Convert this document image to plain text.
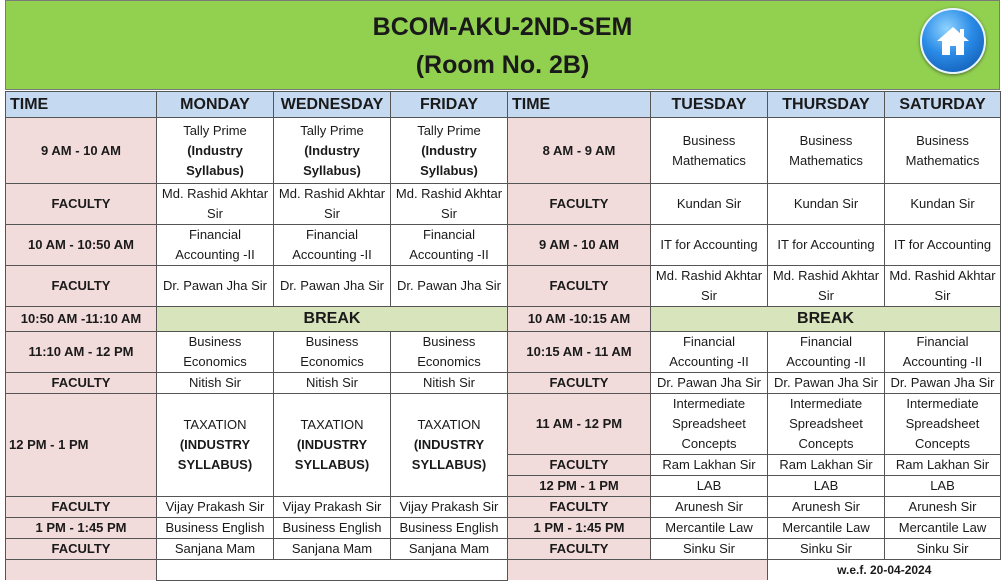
BCOM-AKU-2ND-SEM
(Room No. 2B)
TIME	MONDAY	WEDNESDAY	FRIDAY	TIME	TUESDAY	THURSDAY	SATURDAY
9 AM - 10 AM	Tally Prime
(Industry
Syllabus)	Tally Prime
(Industry
Syllabus)	Tally Prime
(Industry
Syllabus)	8 AM - 9 AM	Business Mathematics	Business Mathematics	Business Mathematics
FACULTY	Md. Rashid Akhtar Sir	Md. Rashid Akhtar Sir	Md. Rashid Akhtar Sir	FACULTY	Kundan Sir	Kundan Sir	Kundan Sir
10 AM - 10:50 AM	Financial Accounting -II	Financial Accounting -II	Financial Accounting -II	9 AM - 10 AM	IT for Accounting	IT for Accounting	IT for Accounting
FACULTY	Dr. Pawan Jha Sir	Dr. Pawan Jha Sir	Dr. Pawan Jha Sir	FACULTY	Md. Rashid Akhtar Sir	Md. Rashid Akhtar Sir	Md. Rashid Akhtar Sir
10:50 AM -11:10 AM	BREAK			10 AM -10:15 AM	BREAK		
11:10 AM - 12 PM	Business Economics	Business Economics	Business Economics	10:15 AM - 11 AM	Financial Accounting -II	Financial Accounting -II	Financial Accounting -II
FACULTY	Nitish Sir	Nitish Sir	Nitish Sir	FACULTY	Dr. Pawan Jha Sir	Dr. Pawan Jha Sir	Dr. Pawan Jha Sir
12 PM - 1 PM	TAXATION
(INDUSTRY
SYLLABUS)	TAXATION
(INDUSTRY
SYLLABUS)	TAXATION
(INDUSTRY
SYLLABUS)	11 AM - 12 PM	Intermediate Spreadsheet Concepts	Intermediate Spreadsheet Concepts	Intermediate Spreadsheet Concepts
				FACULTY	Ram Lakhan Sir	Ram Lakhan Sir	Ram Lakhan Sir
				12 PM - 1 PM	LAB	LAB	LAB
FACULTY	Vijay Prakash Sir	Vijay Prakash Sir	Vijay Prakash Sir	FACULTY	Arunesh Sir	Arunesh Sir	Arunesh Sir
1 PM - 1:45 PM	Business English	Business English	Business English	1 PM - 1:45 PM	Mercantile Law	Mercantile Law	Mercantile Law
FACULTY	Sanjana Mam	Sanjana Mam	Sanjana Mam	FACULTY	Sinku Sir	Sinku Sir	Sinku Sir
						w.e.f. 20-04-2024	
